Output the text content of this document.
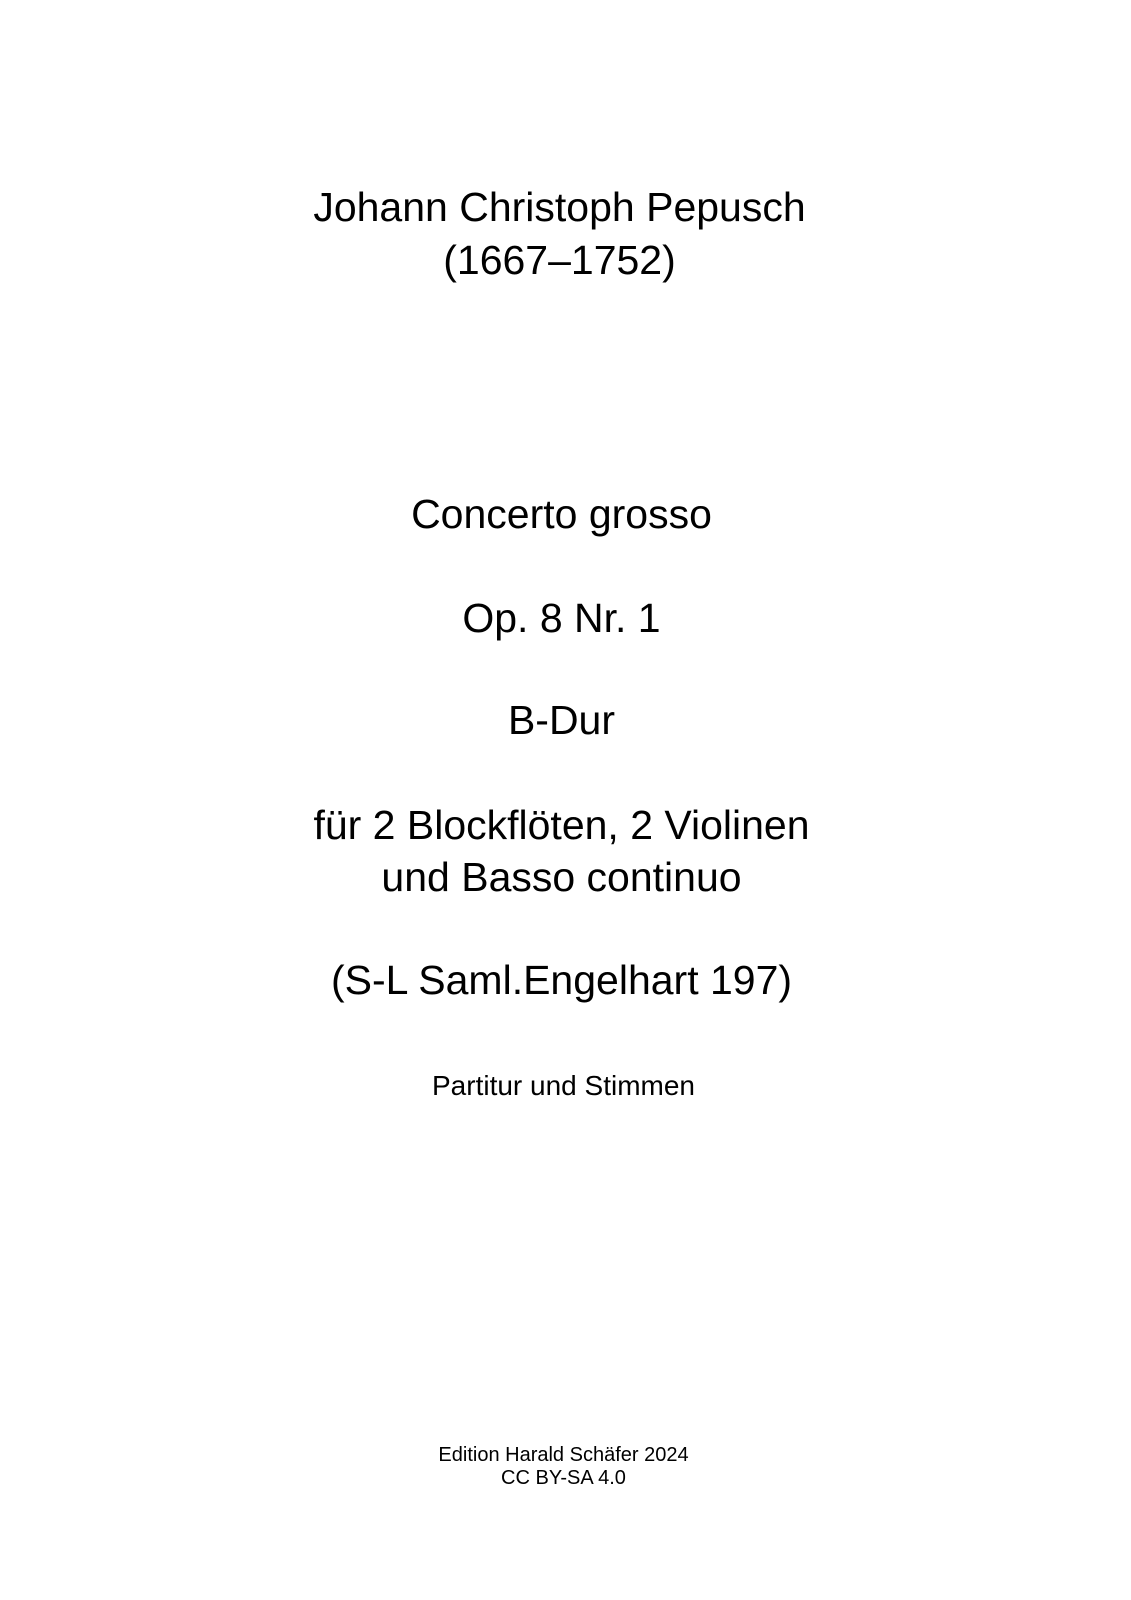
Johann Christoph Pepusch
(1667–1752)
Concerto grosso
Op. 8 Nr. 1
B-Dur
für 2 Blockflöten, 2 Violinen
und Basso continuo
(S-L Saml.Engelhart 197)
Partitur und Stimmen
Edition Harald Schäfer 2024
CC BY-SA 4.0
